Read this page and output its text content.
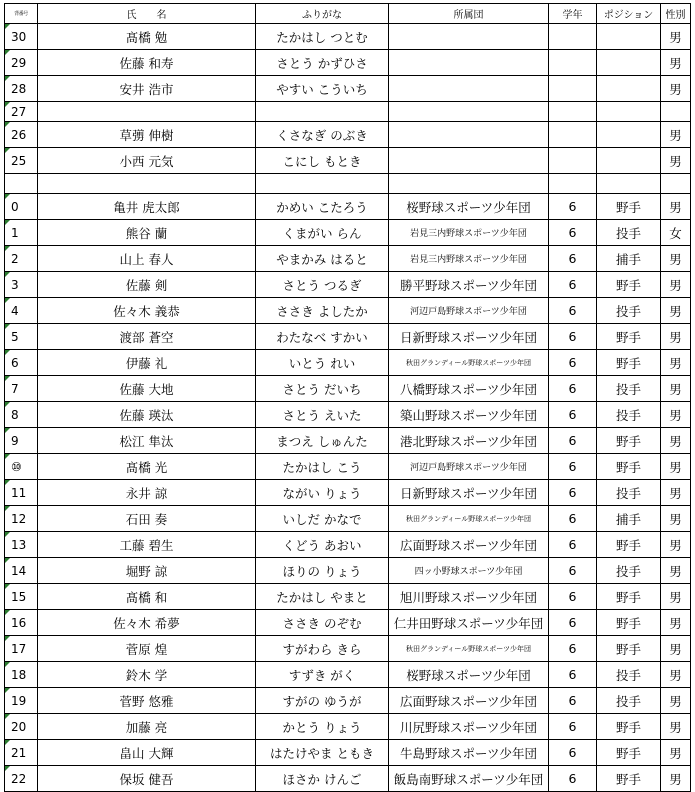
背番号	氏　　名	ふりがな	所属団	学年	ポジション	性別
30	髙橋 勉	たかはし つとむ				男
29	佐藤 和寿	さとう かずひさ				男
28	安井 浩市	やすい こういち				男
27						
26	草彅 伸樹	くさなぎ のぶき				男
25	小西 元気	こにし もとき				男

0	亀井 虎太郎	かめい こたろう	桜野球スポーツ少年団	6	野手	男
1	熊谷 蘭	くまがい らん	岩見三内野球スポーツ少年団	6	投手	女
2	山上 春人	やまかみ はると	岩見三内野球スポーツ少年団	6	捕手	男
3	佐藤 剣	さとう つるぎ	勝平野球スポーツ少年団	6	野手	男
4	佐々木 義恭	ささき よしたか	河辺戸島野球スポーツ少年団	6	投手	男
5	渡部 蒼空	わたなべ すかい	日新野球スポーツ少年団	6	野手	男
6	伊藤 礼	いとう れい	秋田グランディール野球スポーツ少年団	6	野手	男
7	佐藤 大地	さとう だいち	八橋野球スポーツ少年団	6	投手	男
8	佐藤 瑛汰	さとう えいた	築山野球スポーツ少年団	6	投手	男
9	松江 隼汰	まつえ しゅんた	港北野球スポーツ少年団	6	野手	男
⑩	髙橋 光	たかはし こう	河辺戸島野球スポーツ少年団	6	野手	男
11	永井 諒	ながい りょう	日新野球スポーツ少年団	6	投手	男
12	石田 奏	いしだ かなで	秋田グランディール野球スポーツ少年団	6	捕手	男
13	工藤 碧生	くどう あおい	広面野球スポーツ少年団	6	野手	男
14	堀野 諒	ほりの りょう	四ッ小野球スポーツ少年団	6	投手	男
15	髙橋 和	たかはし やまと	旭川野球スポーツ少年団	6	野手	男
16	佐々木 希夢	ささき のぞむ	仁井田野球スポーツ少年団	6	野手	男
17	菅原 煌	すがわら きら	秋田グランディール野球スポーツ少年団	6	野手	男
18	鈴木 学	すずき がく	桜野球スポーツ少年団	6	投手	男
19	菅野 悠雅	すがの ゆうが	広面野球スポーツ少年団	6	投手	男
20	加藤 亮	かとう りょう	川尻野球スポーツ少年団	6	野手	男
21	畠山 大輝	はたけやま ともき	牛島野球スポーツ少年団	6	野手	男
22	保坂 健吾	ほさか けんご	飯島南野球スポーツ少年団	6	野手	男
